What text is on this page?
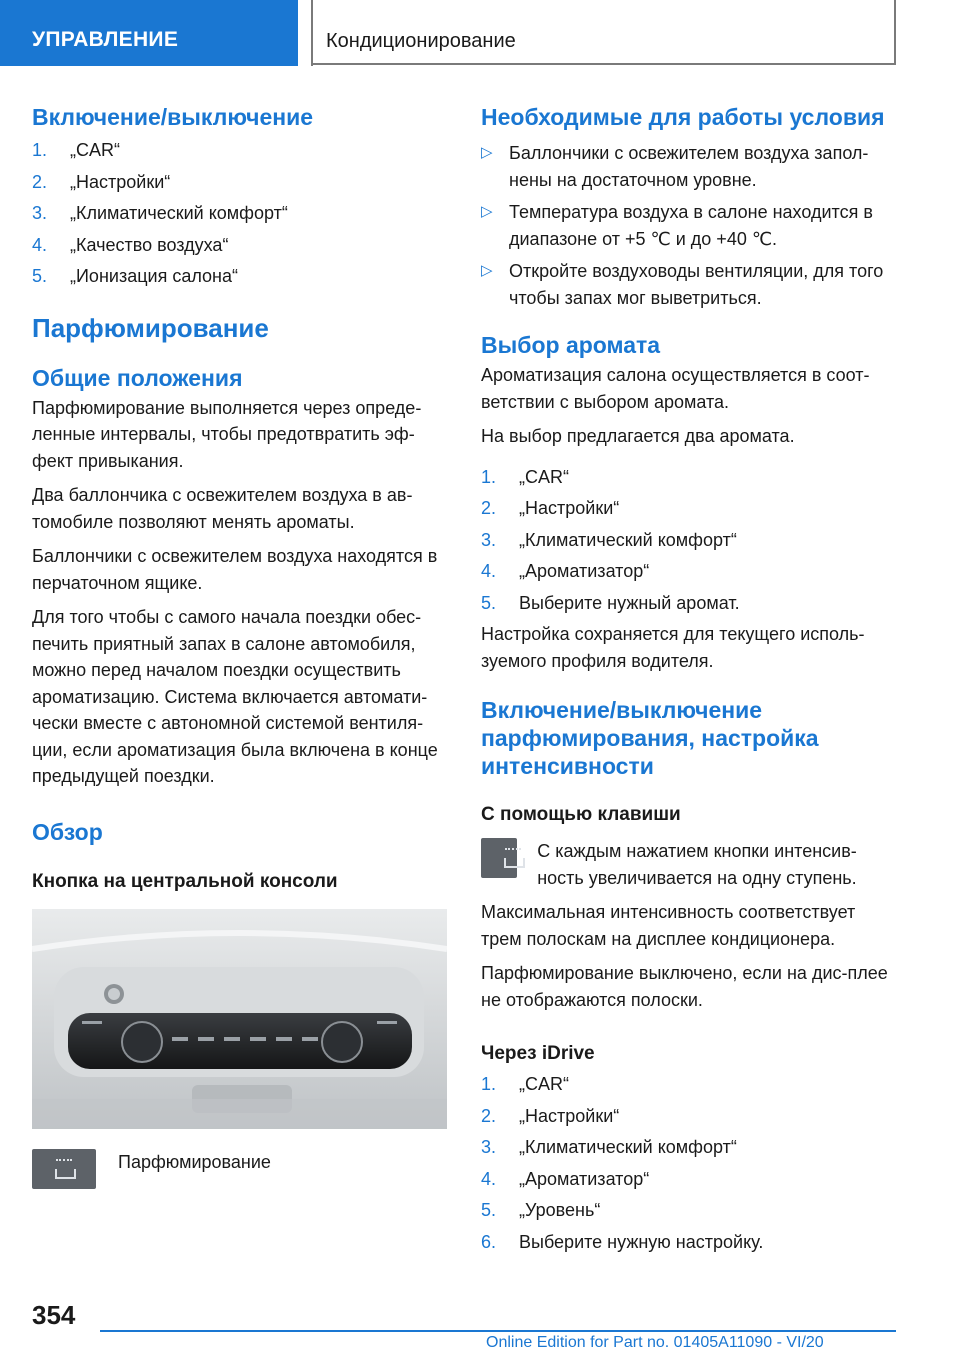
УПРАВЛЕНИЕ	Кондиционирование
Включение/выключение
1. „CAR“
2. „Настройки“
3. „Климатический комфорт“
4. „Качество воздуха“
5. „Ионизация салона“
Парфюмирование
Общие положения

Парфюмирование выполняется через опреде-ленные интервалы, чтобы предотвратить эф-фект привыкания.

Два баллончика с освежителем воздуха в ав-томобиле позволяют менять ароматы.

Баллончики с освежителем воздуха находятся в перчаточном ящике.

Для того чтобы с самого начала поездки обес-печить приятный запах в салоне автомобиля, можно перед началом поездки осуществить ароматизацию. Система включается автомати-чески вместе с автономной системой вентиля-ции, если ароматизация была включена в конце предыдущей поездки.

Обзор
Кнопка на центральной консоли
Парфюмирование
Необходимые для работы условия
▷ Баллончики с освежителем воздуха запол-нены на достаточном уровне.
▷ Температура воздуха в салоне находится в диапазоне от +5 ℃ и до +40 ℃.
▷ Откройте воздуховоды вентиляции, для того чтобы запах мог выветриться.
Выбор аромата

Ароматизация салона осуществляется в соот-ветствии с выбором аромата.

На выбор предлагается два аромата.

1. „CAR“
2. „Настройки“
3. „Климатический комфорт“
4. „Ароматизатор“
5. Выберите нужный аромат.

Настройка сохраняется для текущего исполь-зуемого профиля водителя.

Включение/выключение парфюмирования, настройка интенсивности
С помощью клавиши
С каждым нажатием кнопки интенсив-ность увеличивается на одну ступень.

Максимальная интенсивность соответствует трем полоскам на дисплее кондиционера.

Парфюмирование выключено, если на дис-плее не отображаются полоски.

Через iDrive
1. „CAR“
2. „Настройки“
3. „Климатический комфорт“
4. „Ароматизатор“
5. „Уровень“
6. Выберите нужную настройку.
354
Online Edition for Part no. 01405A11090 - VI/20
